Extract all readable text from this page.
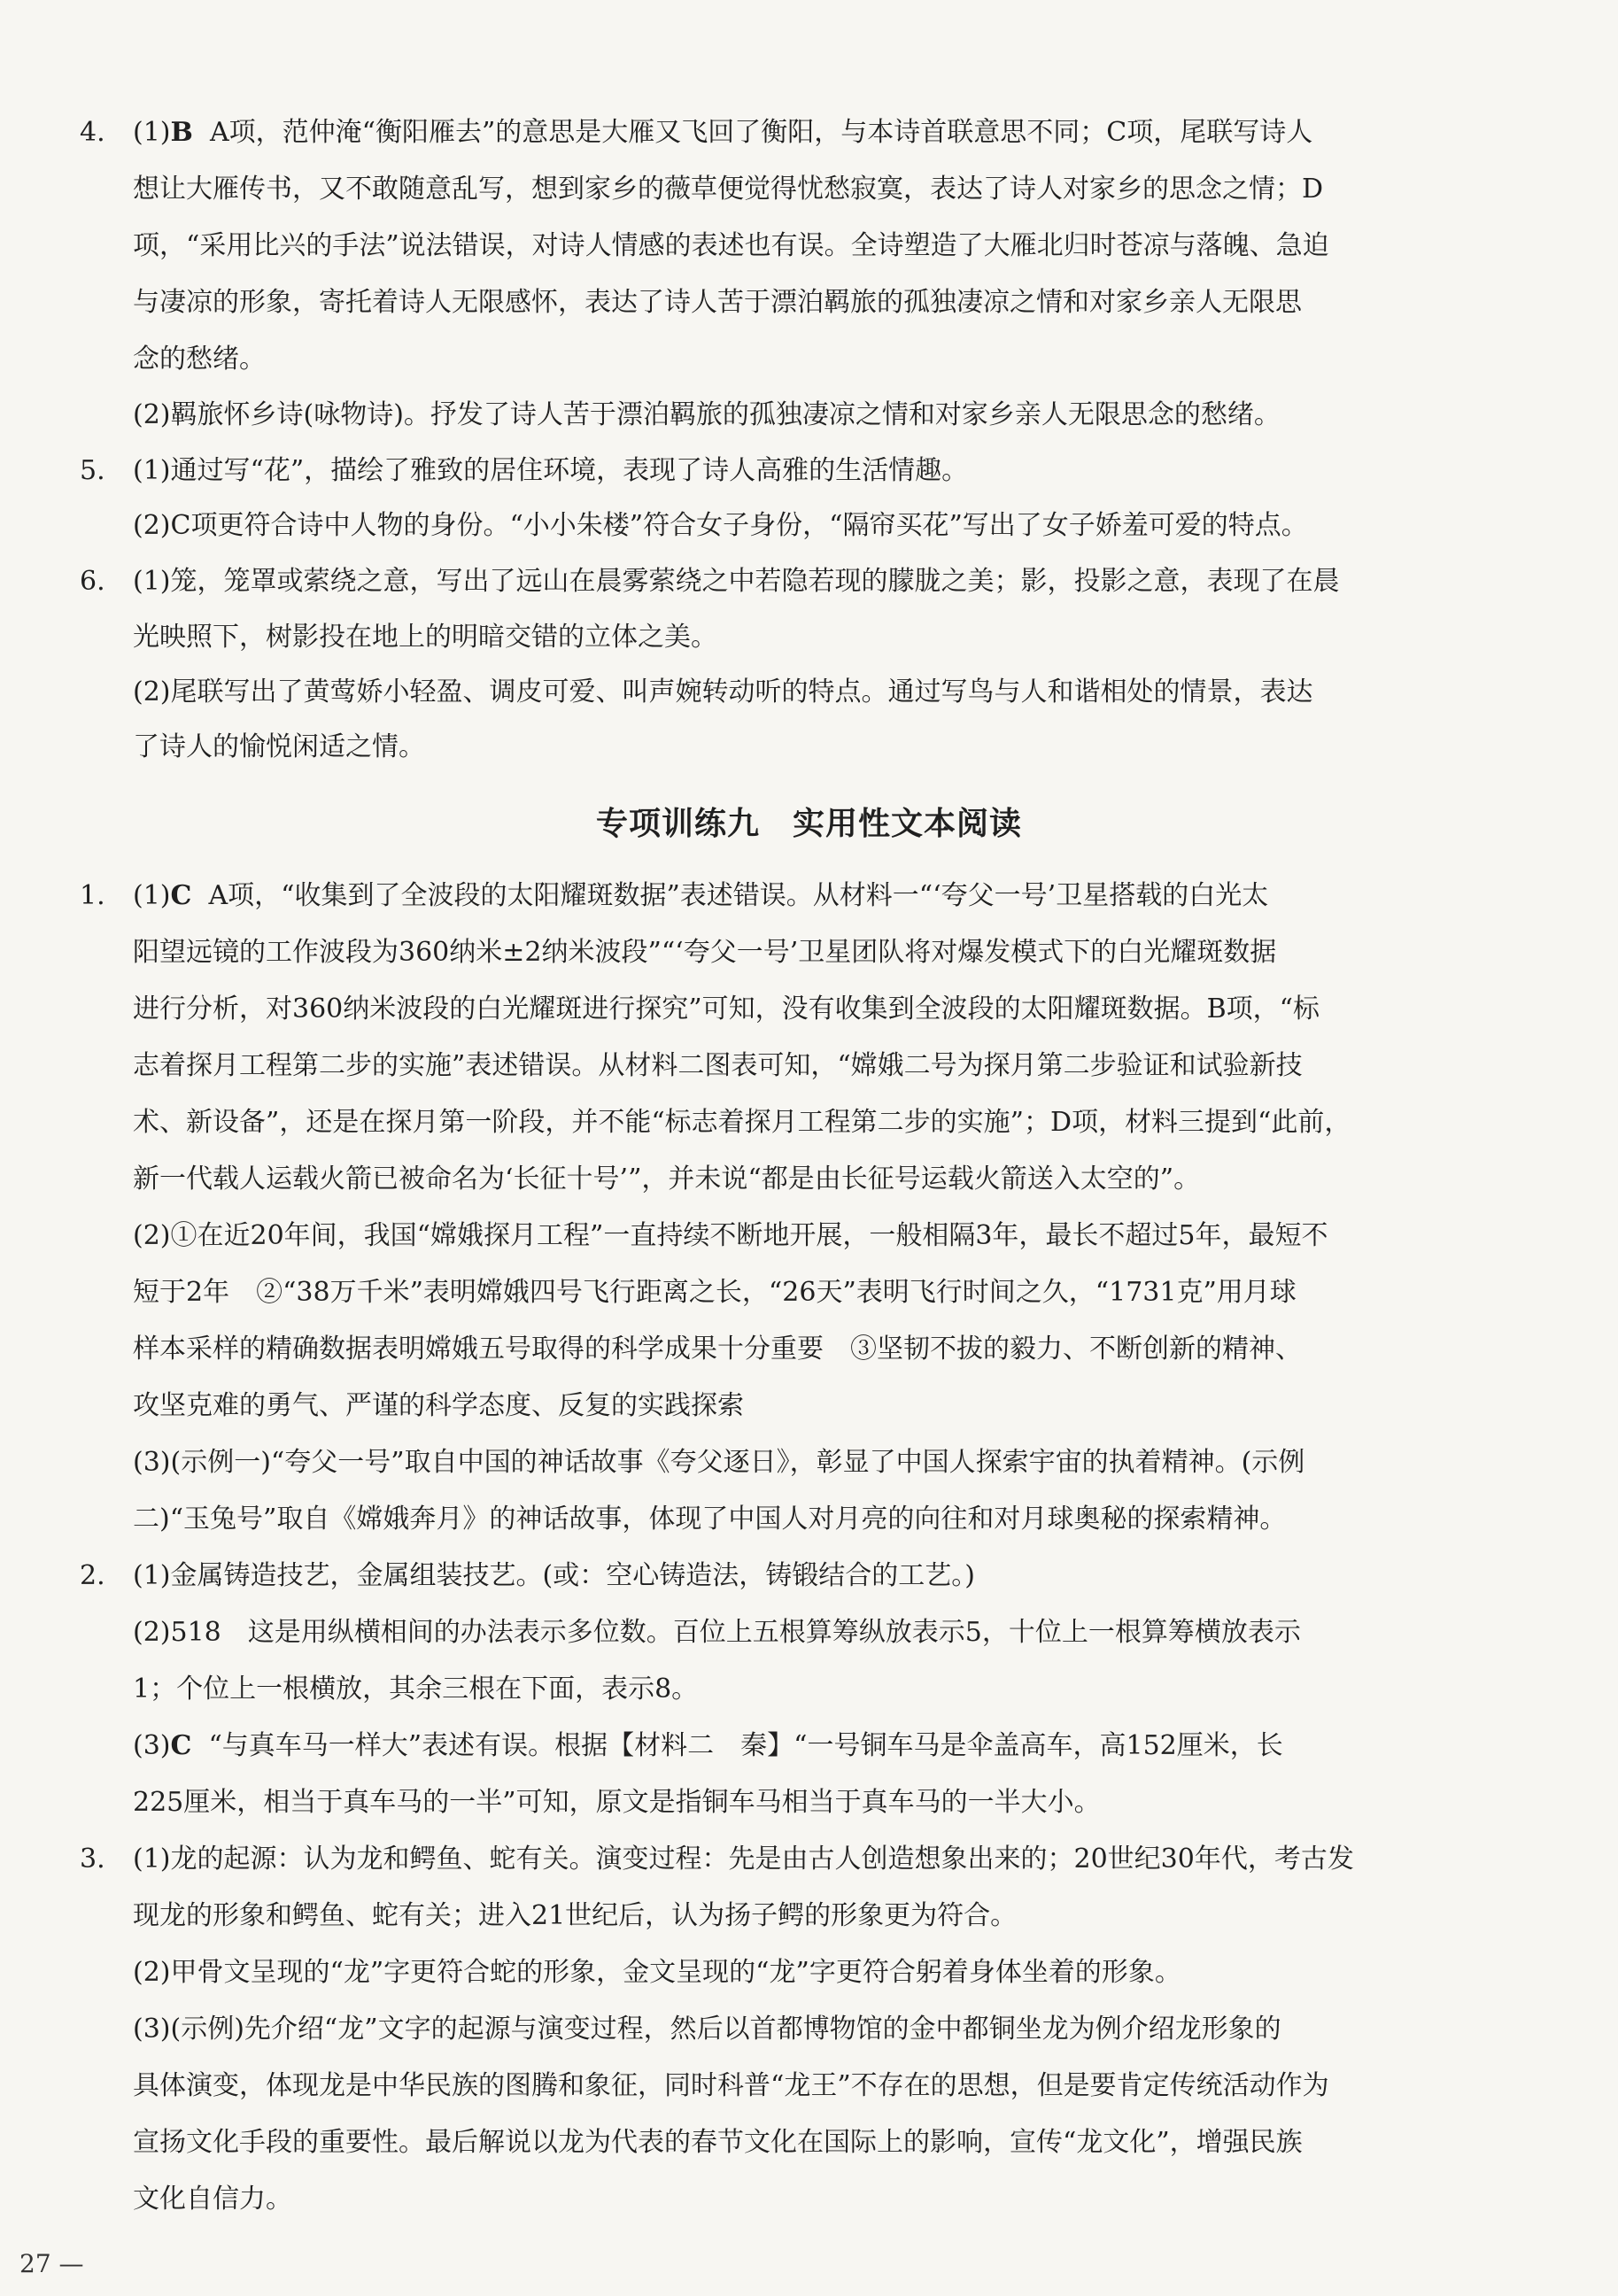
4. (1)B A项，范仲淹“衡阳雁去”的意思是大雁又飞回了衡阳，与本诗首联意思不同；C项，尾联写诗人

想让大雁传书，又不敢随意乱写，想到家乡的薇草便觉得忧愁寂寞，表达了诗人对家乡的思念之情；D

项，“采用比兴的手法”说法错误，对诗人情感的表述也有误。全诗塑造了大雁北归时苍凉与落魄、急迫

与凄凉的形象，寄托着诗人无限感怀，表达了诗人苦于漂泊羁旅的孤独凄凉之情和对家乡亲人无限思

念的愁绪。

(2)羁旅怀乡诗(咏物诗)。抒发了诗人苦于漂泊羁旅的孤独凄凉之情和对家乡亲人无限思念的愁绪。

5. (1)通过写“花”，描绘了雅致的居住环境，表现了诗人高雅的生活情趣。

(2)C项更符合诗中人物的身份。“小小朱楼”符合女子身份，“隔帘买花”写出了女子娇羞可爱的特点。

6. (1)笼，笼罩或萦绕之意，写出了远山在晨雾萦绕之中若隐若现的朦胧之美；影，投影之意，表现了在晨

光映照下，树影投在地上的明暗交错的立体之美。

(2)尾联写出了黄莺娇小轻盈、调皮可爱、叫声婉转动听的特点。通过写鸟与人和谐相处的情景，表达

了诗人的愉悦闲适之情。

专项训练九　实用性文本阅读
1. (1)C A项，“收集到了全波段的太阳耀斑数据”表述错误。从材料一“‘夸父一号’卫星搭载的白光太

阳望远镜的工作波段为360纳米±2纳米波段”“‘夸父一号’卫星团队将对爆发模式下的白光耀斑数据

进行分析，对360纳米波段的白光耀斑进行探究”可知，没有收集到全波段的太阳耀斑数据。B项，“标

志着探月工程第二步的实施”表述错误。从材料二图表可知，“嫦娥二号为探月第二步验证和试验新技

术、新设备”，还是在探月第一阶段，并不能“标志着探月工程第二步的实施”；D项，材料三提到“此前，

新一代载人运载火箭已被命名为‘长征十号’”，并未说“都是由长征号运载火箭送入太空的”。

(2)①在近20年间，我国“嫦娥探月工程”一直持续不断地开展，一般相隔3年，最长不超过5年，最短不

短于2年　②“38万千米”表明嫦娥四号飞行距离之长，“26天”表明飞行时间之久，“1731克”用月球

样本采样的精确数据表明嫦娥五号取得的科学成果十分重要　③坚韧不拔的毅力、不断创新的精神、

攻坚克难的勇气、严谨的科学态度、反复的实践探索

(3)(示例一)“夸父一号”取自中国的神话故事《夸父逐日》，彰显了中国人探索宇宙的执着精神。(示例

二)“玉兔号”取自《嫦娥奔月》的神话故事，体现了中国人对月亮的向往和对月球奥秘的探索精神。

2. (1)金属铸造技艺，金属组装技艺。(或：空心铸造法，铸锻结合的工艺。)

(2)518　这是用纵横相间的办法表示多位数。百位上五根算筹纵放表示5，十位上一根算筹横放表示

1；个位上一根横放，其余三根在下面，表示8。

(3)C “与真车马一样大”表述有误。根据【材料二　秦】“一号铜车马是伞盖高车，高152厘米，长

225厘米，相当于真车马的一半”可知，原文是指铜车马相当于真车马的一半大小。

3. (1)龙的起源：认为龙和鳄鱼、蛇有关。演变过程：先是由古人创造想象出来的；20世纪30年代，考古发

现龙的形象和鳄鱼、蛇有关；进入21世纪后，认为扬子鳄的形象更为符合。

(2)甲骨文呈现的“龙”字更符合蛇的形象，金文呈现的“龙”字更符合躬着身体坐着的形象。

(3)(示例)先介绍“龙”文字的起源与演变过程，然后以首都博物馆的金中都铜坐龙为例介绍龙形象的

具体演变，体现龙是中华民族的图腾和象征，同时科普“龙王”不存在的思想，但是要肯定传统活动作为

宣扬文化手段的重要性。最后解说以龙为代表的春节文化在国际上的影响，宣传“龙文化”，增强民族

文化自信力。

27 —
